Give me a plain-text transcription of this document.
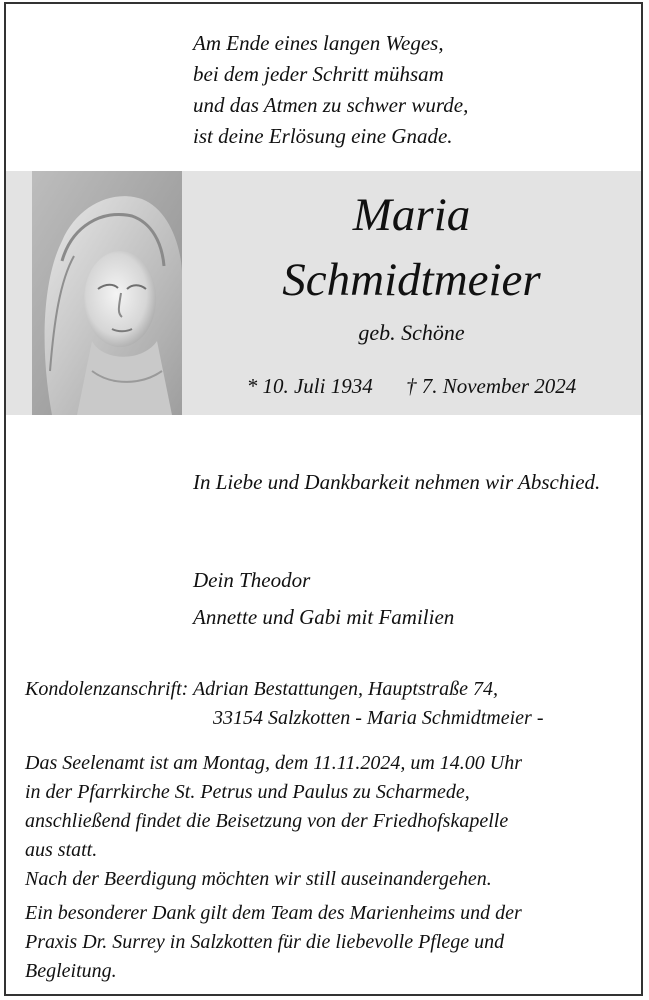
Am Ende eines langen Weges,
bei dem jeder Schritt mühsam
und das Atmen zu schwer wurde,
ist deine Erlösung eine Gnade.
Maria
Schmidtmeier
geb. Schöne
* 10. Juli 1934 † 7. November 2024
In Liebe und Dankbarkeit nehmen wir Abschied.
Dein Theodor
Annette und Gabi mit Familien
Kondolenzanschrift: Adrian Bestattungen, Hauptstraße 74,
33154 Salzkotten - Maria Schmidtmeier -
Das Seelenamt ist am Montag, dem 11.11.2024, um 14.00 Uhr
in der Pfarrkirche St. Petrus und Paulus zu Scharmede,
anschließend findet die Beisetzung von der Friedhofskapelle
aus statt.
Nach der Beerdigung möchten wir still auseinandergehen.
Ein besonderer Dank gilt dem Team des Marienheims und der
Praxis Dr. Surrey in Salzkotten für die liebevolle Pflege und
Begleitung.
